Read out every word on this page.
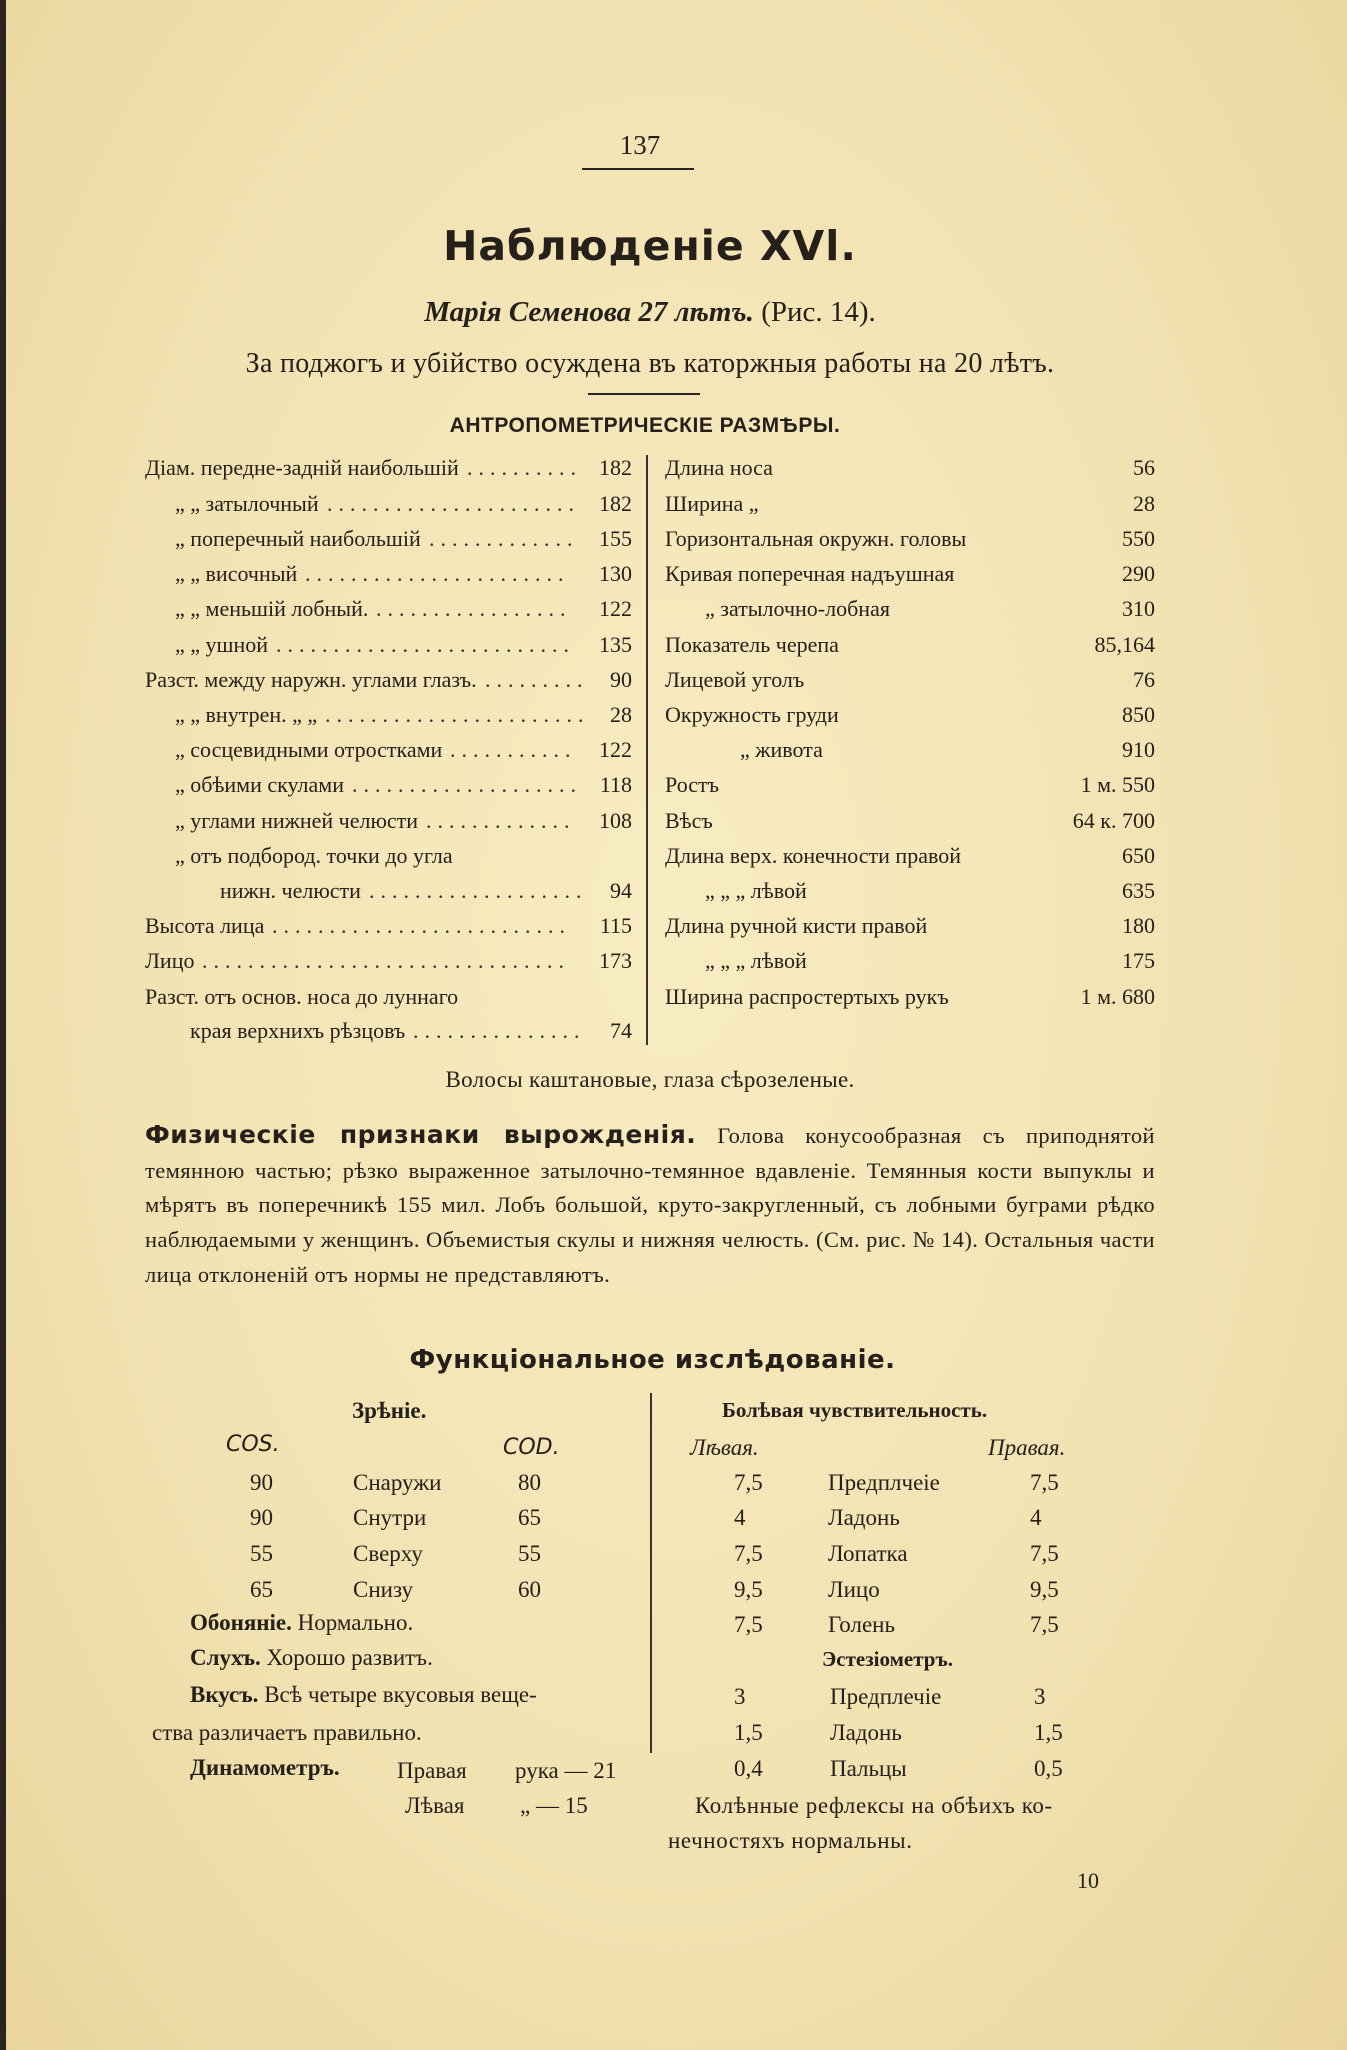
137
Наблюденіе XVl.
Марія Семенова 27 лѣтъ. (Рис. 14).
За поджогъ и убійство осуждена въ каторжныя работы на 20 лѣтъ.
АНТРОПОМЕТРИЧЕСКІЕ РАЗМѢРЫ.
Діам. передне-задній наибольшій .......... 182
„ „ затылочный ...................... 182
„ поперечный наибольшій ............. 155
„ „ височный .......................	130
„ „ меньшій лобный. .................	122
„ „ ушной ..........................	135
Разст. между наружн. углами глазъ. ......... 90
„ „ внутрен. „ „ ....................... 28
„ сосцевидными отростками ...........	122
„ обѣими скулами .................... 118
„ углами нижней челюсти .............	108
„ отъ подбород. точки до угла
нижн. челюсти ...................	94
Высота лица ..........................	115
Лицо ................................	173
Разст. отъ основ. носа до луннаго
края верхнихъ рѣзцовъ ...............	74
Длина носа	56
Ширина „	28
Горизонтальная окружн. головы	550
Кривая поперечная надъушная	290
„ затылочно-лобная	310
Показатель черепа	85,164
Лицевой уголъ	76
Окружность груди	850
„ живота	910
Ростъ	1 м. 550
Вѣсъ	64 к. 700
Длина верх. конечности правой	650
„ „ „ лѣвой	635
Длина ручной кисти правой	180
„ „ „ лѣвой	175
Ширина распростертыхъ рукъ	1 м. 680
Волосы каштановые, глаза сѣрозеленые.
Физическіе признаки вырожденія. Голова конусообразная съ приподнятой темянною частью; рѣзко выраженное затылочно-темянное вдавленіе. Темянныя кости выпуклы и мѣрятъ въ поперечникѣ 155 мил. Лобъ большой, круто-закругленный, съ лобными буграми рѣдко наблюдаемыми у женщинъ. Объемистыя скулы и нижняя челюсть. (См. рис. № 14). Остальныя части лица отклоненій отъ нормы не представляютъ.
Функціональное изслѣдованіе.
Зрѣніе.
COS.	COD.
90	Снаружи	80
90	Снутри	65
55	Сверху	55
65	Снизу	60
Обоняніе. Нормально.
Слухъ. Хорошо развитъ.
Вкусъ. Всѣ четыре вкусовыя веще-
ства различаетъ правильно.
Динамометръ. Правая рука — 21
Лѣвая „ — 15
Болѣвая чувствительность.
Лѣвая.	Правая.
7,5	Предплчеіе	7,5
4	Ладонь	4
7,5	Лопатка	7,5
9,5	Лицо	9,5
7,5	Голень	7,5
Эстезіометръ.
3	Предплечіе	3
1,5	Ладонь	1,5
0,4	Пальцы	0,5
Колѣнные рефлексы на обѣихъ ко-
нечностяхъ нормальны.
10
